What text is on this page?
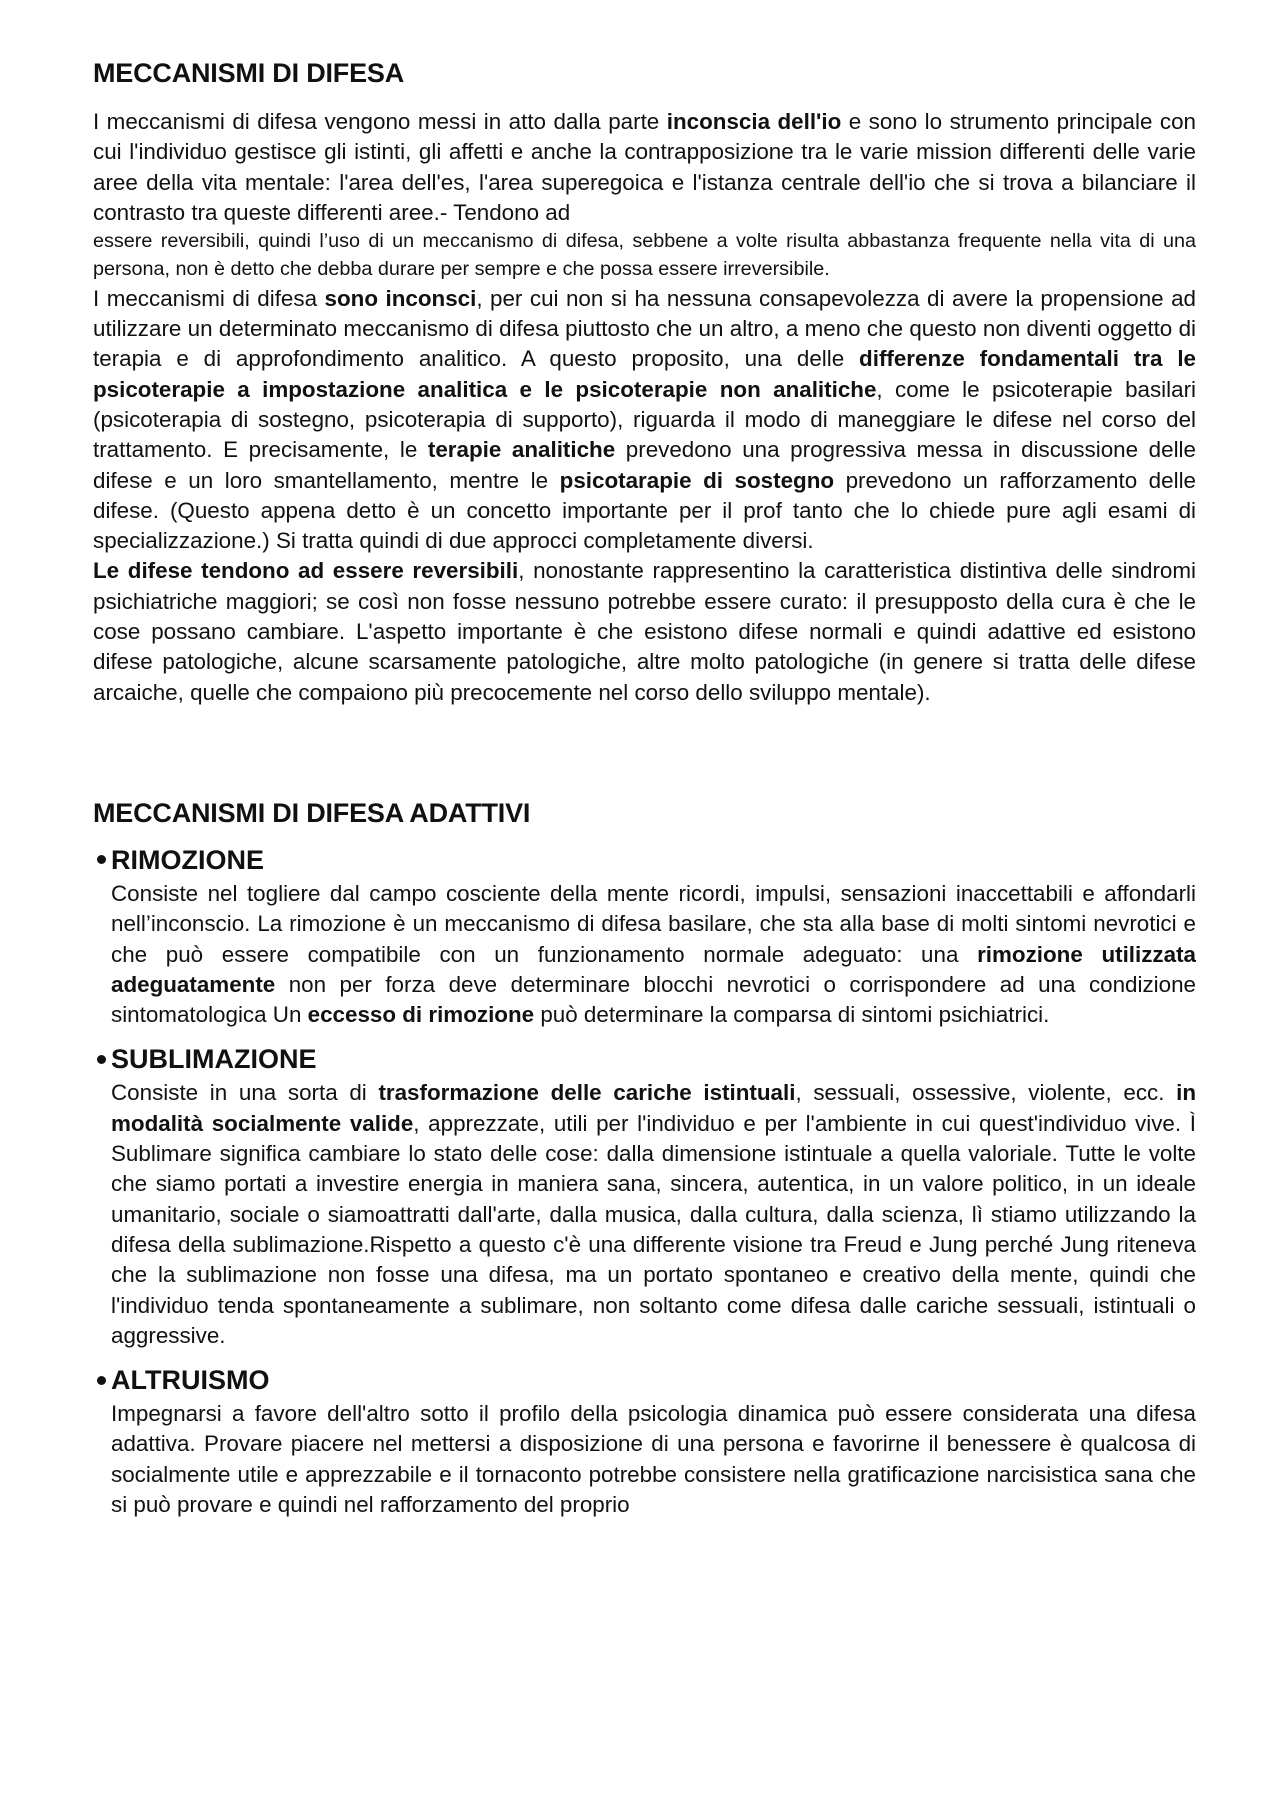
MECCANISMI DI DIFESA

I meccanismi di difesa vengono messi in atto dalla parte inconscia dell'io e sono lo strumento principale con cui l'individuo gestisce gli istinti, gli affetti e anche la contrapposizione tra le varie mission differenti delle varie aree della vita mentale: l'area dell'es, l'area superegoica e l'istanza centrale dell'io che si trova a bilanciare il contrasto tra queste differenti aree.- Tendono ad

essere reversibili, quindi l’uso di un meccanismo di difesa, sebbene a volte risulta abbastanza frequente nella vita di una persona, non è detto che debba durare per sempre e che possa essere irreversibile.

I meccanismi di difesa sono inconsci, per cui non si ha nessuna consapevolezza di avere la propensione ad utilizzare un determinato meccanismo di difesa piuttosto che un altro, a meno che questo non diventi oggetto di terapia e di approfondimento analitico. A questo proposito, una delle differenze fondamentali tra le psicoterapie a impostazione analitica e le psicoterapie non analitiche, come le psicoterapie basilari (psicoterapia di sostegno, psicoterapia di supporto), riguarda il modo di maneggiare le difese nel corso del trattamento. E precisamente, le terapie analitiche prevedono una progressiva messa in discussione delle difese e un loro smantellamento, mentre le psicotarapie di sostegno prevedono un rafforzamento delle difese. (Questo appena detto è un concetto importante per il prof tanto che lo chiede pure agli esami di specializzazione.) Si tratta quindi di due approcci completamente diversi.

Le difese tendono ad essere reversibili, nonostante rappresentino la caratteristica distintiva delle sindromi psichiatriche maggiori; se così non fosse nessuno potrebbe essere curato: il presupposto della cura è che le cose possano cambiare. L'aspetto importante è che esistono difese normali e quindi adattive ed esistono difese patologiche, alcune scarsamente patologiche, altre molto patologiche (in genere si tratta delle difese arcaiche, quelle che compaiono più precocemente nel corso dello sviluppo mentale).

MECCANISMI DI DIFESA ADATTIVI
RIMOZIONE

Consiste nel togliere dal campo cosciente della mente ricordi, impulsi, sensazioni inaccettabili e affondarli nell’inconscio. La rimozione è un meccanismo di difesa basilare, che sta alla base di molti sintomi nevrotici e che può essere compatibile con un funzionamento normale adeguato: una rimozione utilizzata adeguatamente non per forza deve determinare blocchi nevrotici o corrispondere ad una condizione sintomatologica Un eccesso di rimozione può determinare la comparsa di sintomi psichiatrici.

SUBLIMAZIONE

Consiste in una sorta di trasformazione delle cariche istintuali, sessuali, ossessive, violente, ecc. in modalità socialmente valide, apprezzate, utili per l'individuo e per l'ambiente in cui quest'individuo vive. Ì Sublimare significa cambiare lo stato delle cose: dalla dimensione istintuale a quella valoriale. Tutte le volte che siamo portati a investire energia in maniera sana, sincera, autentica, in un valore politico, in un ideale umanitario, sociale o siamoattratti dall'arte, dalla musica, dalla cultura, dalla scienza, lì stiamo utilizzando la difesa della sublimazione.Rispetto a questo c'è una differente visione tra Freud e Jung perché Jung riteneva che la sublimazione non fosse una difesa, ma un portato spontaneo e creativo della mente, quindi che l'individuo tenda spontaneamente a sublimare, non soltanto come difesa dalle cariche sessuali, istintuali o aggressive.

ALTRUISMO

Impegnarsi a favore dell'altro sotto il profilo della psicologia dinamica può essere considerata una difesa adattiva. Provare piacere nel mettersi a disposizione di una persona e favorirne il benessere è qualcosa di socialmente utile e apprezzabile e il tornaconto potrebbe consistere nella gratificazione narcisistica sana che si può provare e quindi nel rafforzamento del proprio
